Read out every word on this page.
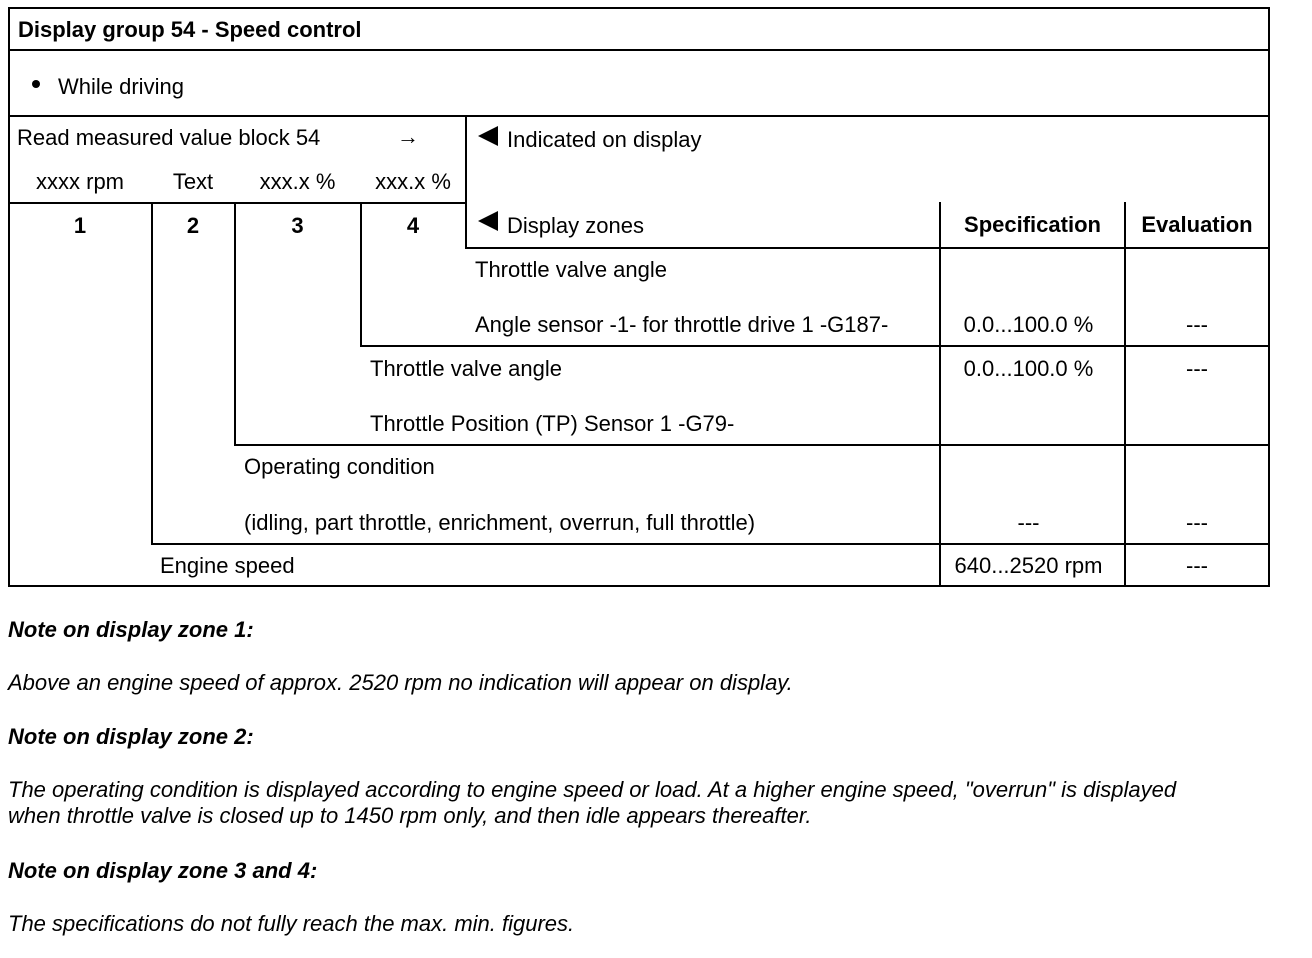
Display group 54 - Speed control
While driving
Read measured value block 54	→	Indicated on display
xxxx rpm	Text	xxx.x %	xxx.x %
1	2	3	4	Display zones	Specification	Evaluation
Throttle valve angle
Angle sensor -1- for throttle drive 1 -G187-	0.0...100.0 %	---
Throttle valve angle	0.0...100.0 %	---
Throttle Position (TP) Sensor 1 -G79-
Operating condition
(idling, part throttle, enrichment, overrun, full throttle)	---	---
Engine speed	640...2520 rpm	---
Note on display zone 1:
Above an engine speed of approx. 2520 rpm no indication will appear on display.
Note on display zone 2:
The operating condition is displayed according to engine speed or load. At a higher engine speed, "overrun" is displayed
when throttle valve is closed up to 1450 rpm only, and then idle appears thereafter.
Note on display zone 3 and 4:
The specifications do not fully reach the max. min. figures.
